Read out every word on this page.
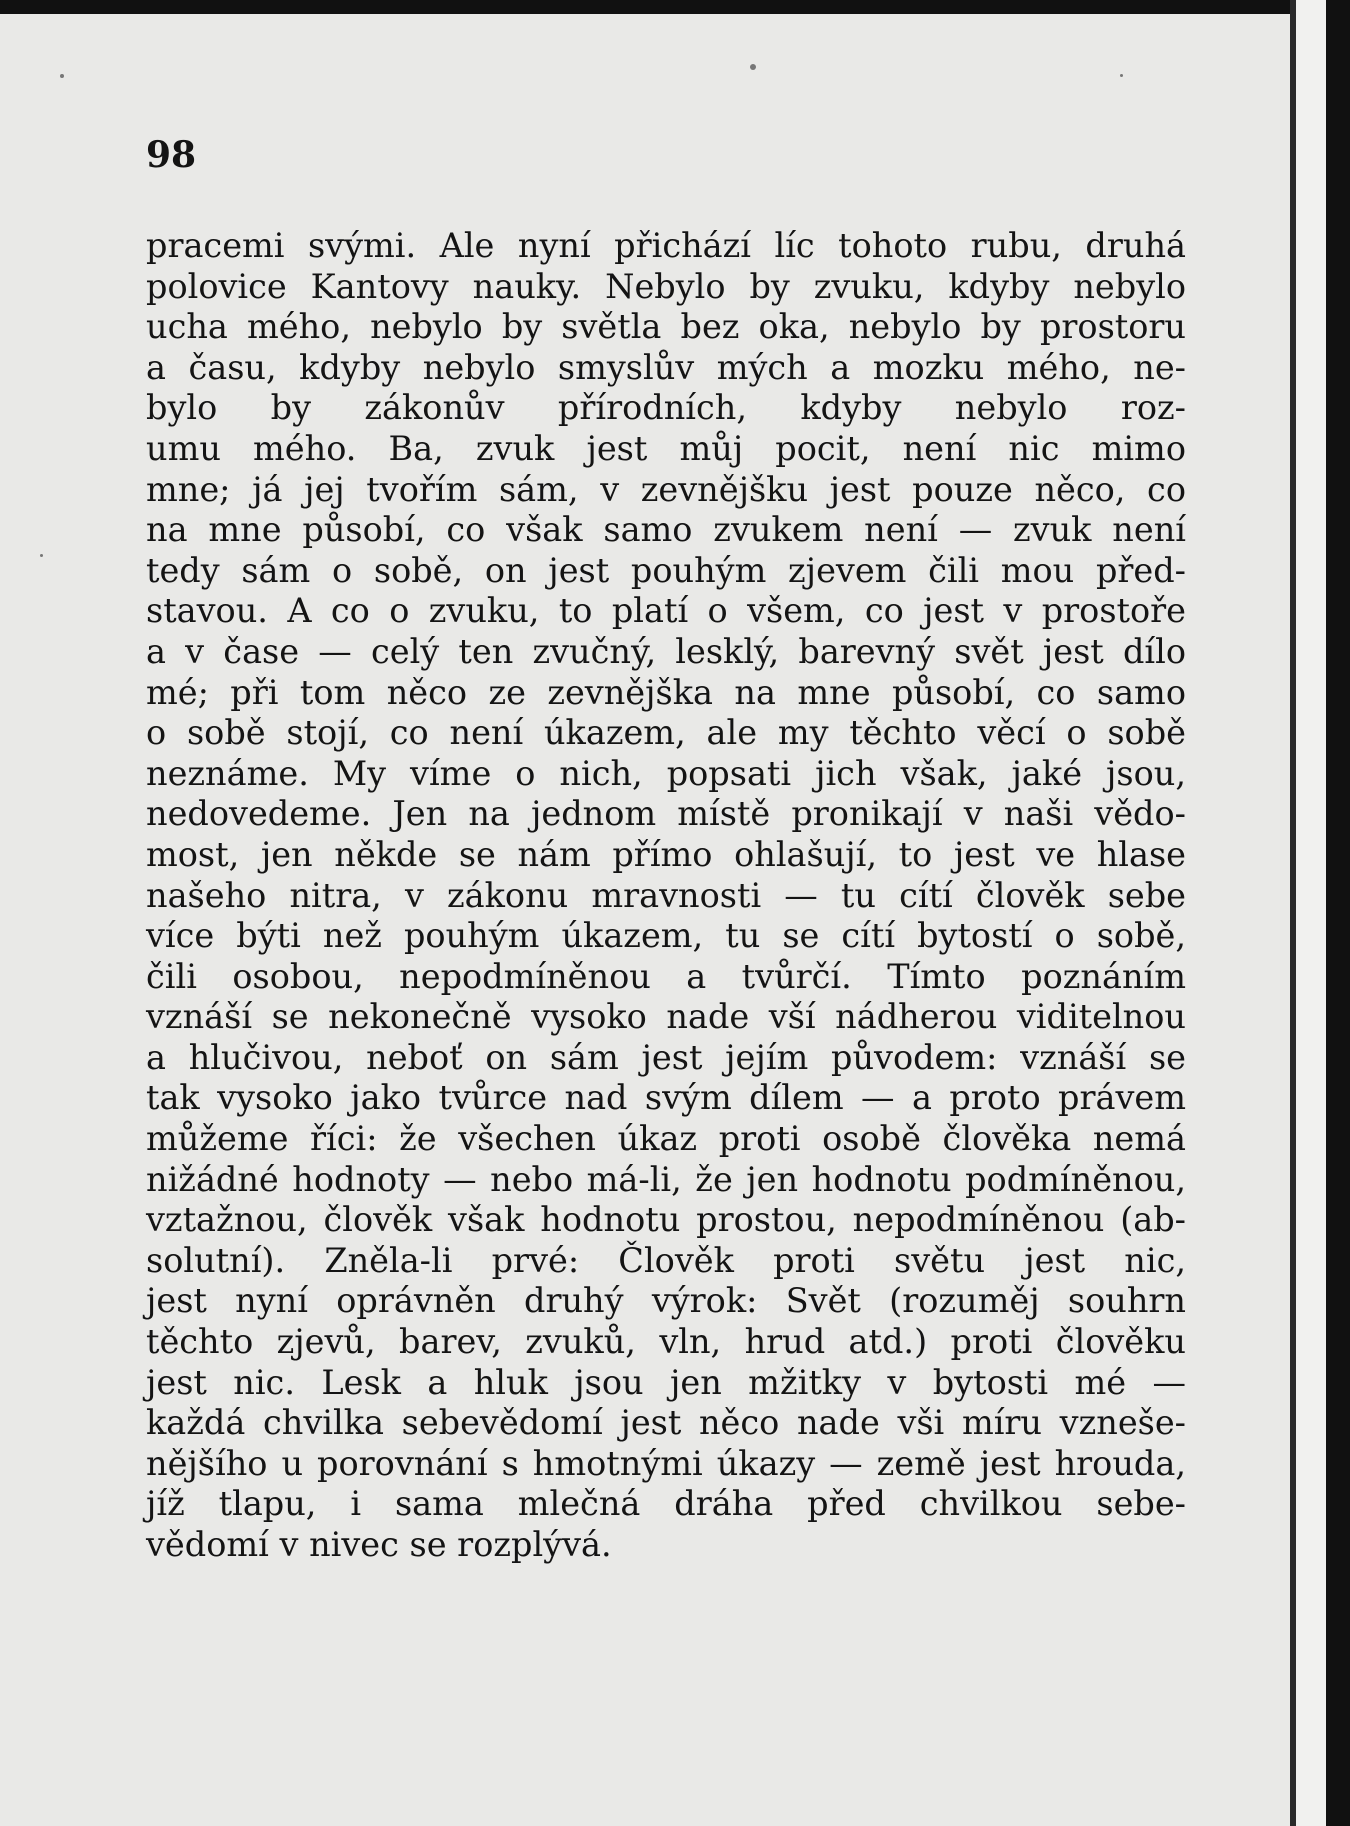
98
pracemi svými. Ale nyní přichází líc tohoto rubu, druhá
polovice Kantovy nauky. Nebylo by zvuku, kdyby nebylo
ucha mého, nebylo by světla bez oka, nebylo by prostoru
a času, kdyby nebylo smyslův mých a mozku mého, ne-
bylo by zákonův přírodních, kdyby nebylo roz-
umu mého. Ba, zvuk jest můj pocit, není nic mimo
mne; já jej tvořím sám, v zevnějšku jest pouze něco, co
na mne působí, co však samo zvukem není — zvuk není
tedy sám o sobě, on jest pouhým zjevem čili mou před-
stavou. A co o zvuku, to platí o všem, co jest v prostoře
a v čase — celý ten zvučný, lesklý, barevný svět jest dílo
mé; při tom něco ze zevnějška na mne působí, co samo
o sobě stojí, co není úkazem, ale my těchto věcí o sobě
neznáme. My víme o nich, popsati jich však, jaké jsou,
nedovedeme. Jen na jednom místě pronikají v naši vědo-
most, jen někde se nám přímo ohlašují, to jest ve hlase
našeho nitra, v zákonu mravnosti — tu cítí člověk sebe
více býti než pouhým úkazem, tu se cítí bytostí o sobě,
čili osobou, nepodmíněnou a tvůrčí. Tímto poznáním
vznáší se nekonečně vysoko nade vší nádherou viditelnou
a hlučivou, neboť on sám jest jejím původem: vznáší se
tak vysoko jako tvůrce nad svým dílem — a proto právem
můžeme říci: že všechen úkaz proti osobě člověka nemá
nižádné hodnoty — nebo má-li, že jen hodnotu podmíněnou,
vztažnou, člověk však hodnotu prostou, nepodmíněnou (ab-
solutní). Zněla-li prvé: Člověk proti světu jest nic,
jest nyní oprávněn druhý výrok: Svět (rozuměj souhrn
těchto zjevů, barev, zvuků, vln, hrud atd.) proti člověku
jest nic. Lesk a hluk jsou jen mžitky v bytosti mé —
každá chvilka sebevědomí jest něco nade vši míru vzneše-
nějšího u porovnání s hmotnými úkazy — země jest hrouda,
jíž tlapu, i sama mlečná dráha před chvilkou sebe-
vědomí v nivec se rozplývá.
